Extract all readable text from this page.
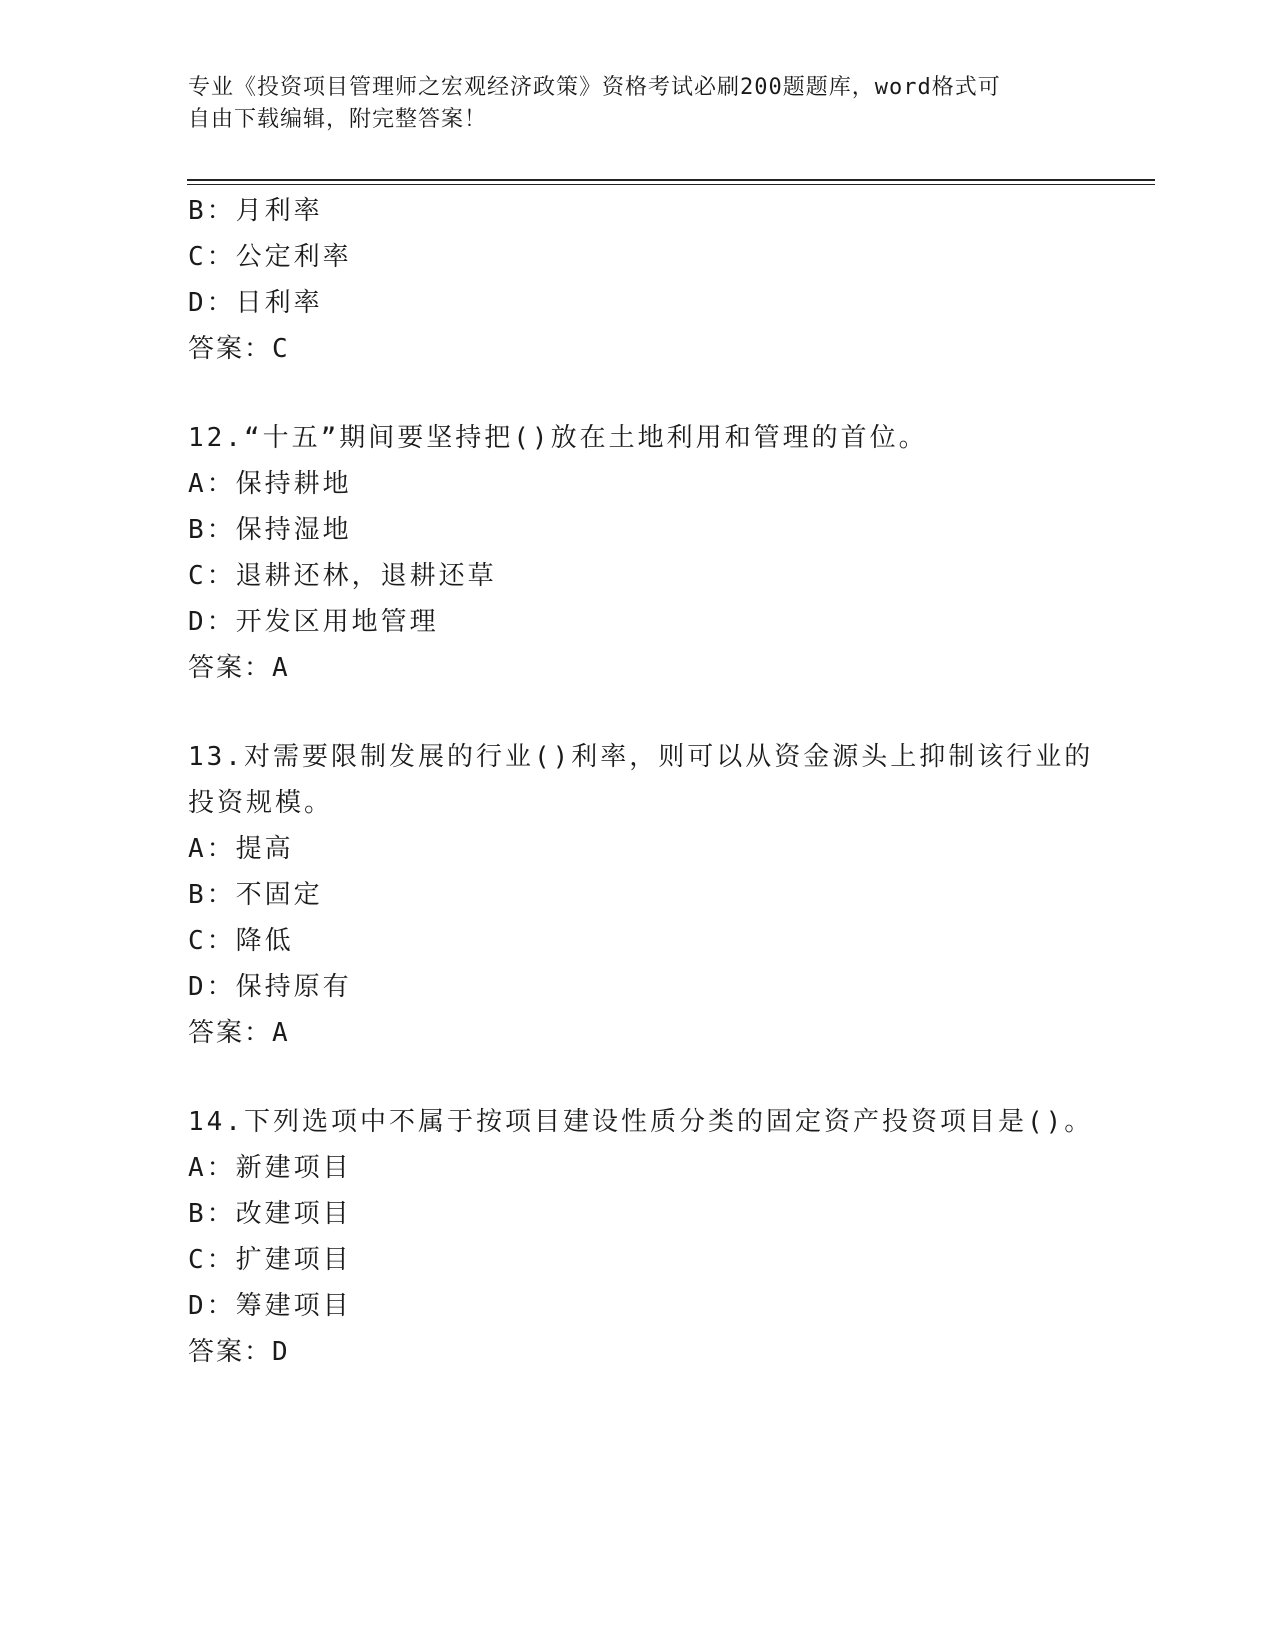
专业《投资项目管理师之宏观经济政策》资格考试必刷200题题库，word格式可
自由下载编辑，附完整答案！
B：月利率
C：公定利率
D：日利率
答案：C
12.“十五”期间要坚持把()放在土地利用和管理的首位。
A：保持耕地
B：保持湿地
C：退耕还林，退耕还草
D：开发区用地管理
答案：A
13.对需要限制发展的行业()利率，则可以从资金源头上抑制该行业的
投资规模。
A：提高
B：不固定
C：降低
D：保持原有
答案：A
14.下列选项中不属于按项目建设性质分类的固定资产投资项目是()。
A：新建项目
B：改建项目
C：扩建项目
D：筹建项目
答案：D
